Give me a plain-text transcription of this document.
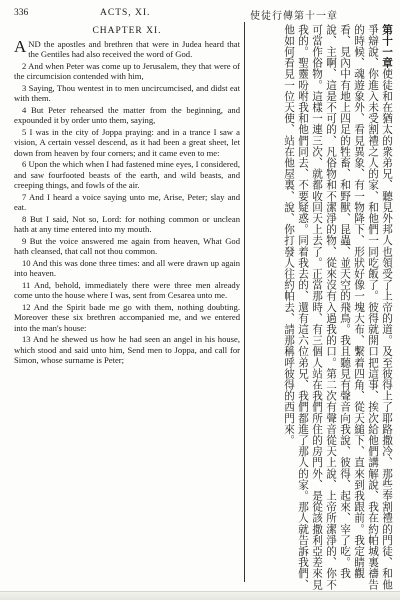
336	ACTS, XI.	使徒行傳第十一章
CHAPTER XI.

AND the apostles and brethren that were in Judea heard that the Gentiles had also received the word of God.

2 And when Peter was come up to Jerusalem, they that were of the circumcision contended with him,

3 Saying, Thou wentest in to men uncircumcised, and didst eat with them.

4 But Peter rehearsed the matter from the beginning, and expounded it by order unto them, saying,

5 I was in the city of Joppa praying: and in a trance I saw a vision, A certain vessel descend, as it had been a great sheet, let down from heaven by four corners; and it came even to me:

6 Upon the which when I had fastened mine eyes, I considered, and saw fourfooted beasts of the earth, and wild beasts, and creeping things, and fowls of the air.

7 And I heard a voice saying unto me, Arise, Peter; slay and eat.

8 But I said, Not so, Lord: for nothing common or unclean hath at any time entered into my mouth.

9 But the voice answered me again from heaven, What God hath cleansed, that call not thou common.

10 And this was done three times: and all were drawn up again into heaven.

11 And, behold, immediately there were three men already come unto the house where I was, sent from Cesarea unto me.

12 And the Spirit bade me go with them, nothing doubting. Moreover these six brethren accompanied me, and we entered into the man's house:

13 And he shewed us how he had seen an angel in his house, which stood and said unto him, Send men to Joppa, and call for Simon, whose surname is Peter;

第十一章使徒和在猶太的衆弟兄、聽見外邦人也領受了上帝的道。及至彼得上了耶路撒冷、那些奉割禮的門徒、和他爭辯說、你進入未受割禮之人的家、和他們一同吃飯了。彼得就開口把這事、挨次給他們講解說、我在約帕城裏禱告的時候、魂遊象外、看見異象、有一物降下、形狀好像一塊大布、繫着四角、從天縋下、直來到我跟前。我定睛觀看、見內中有地上四足的牲畜、和野獸、昆蟲、並天空的飛鳥。我且聽見有聲音向我說、彼得、起來、宰了吃。我說、主啊、這是不可的、凡俗物和不潔淨的物、從來沒有入過我的口。第二次有聲音從天上說、上帝所潔淨的、你不可當作俗物。這樣一連三次、就都收回天上去了。正當那時、有三個人站在我們所住的房門外、是從該撒利亞差來見我的。聖靈吩咐我和他們同去、不要疑惑。同着我去的、還有這六位弟兄、我們都進了那人的家。那人就告訴我們、他如何看見一位天使、站在他屋裏、說、你打發人往約帕去、請那稱呼彼得的西門來。
